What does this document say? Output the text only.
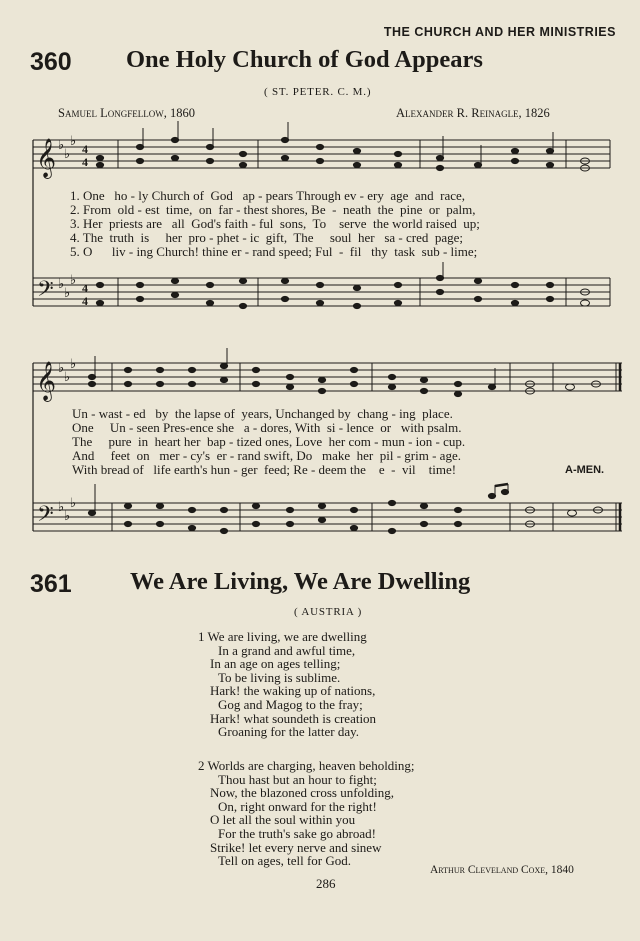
THE CHURCH AND HER MINISTRIES
360 One Holy Church of God Appears
( ST. PETER. C. M.)
Samuel Longfellow, 1860	Alexander R. Reinagle, 1826
𝄞
𝄢
𝄞
𝄢
♭
♭
♭
4
4
♭
♭
♭
4
4
♭
♭
♭
♭
♭
♭
1. One   ho - ly Church of  God   ap - pears Through ev - ery  age  and  race,
2. From  old - est  time,  on  far - thest shores, Be  -  neath  the  pine  or  palm,
3. Her  priests are   all  God's faith - ful  sons,  To    serve  the world raised  up;
4. The  truth  is     her  pro - phet - ic  gift,  The     soul  her   sa - cred  page;
5. O      liv - ing Church! thine er - rand speed; Ful  -  fil   thy  task  sub - lime;
Un - wast - ed   by  the lapse of  years, Unchanged by  chang - ing  place.
One     Un - seen Pres-ence she   a - dores, With  si - lence  or   with psalm.
The     pure  in  heart her  bap - tized ones, Love  her com - mun - ion - cup.
And     feet  on   mer - cy's  er - rand swift, Do   make  her  pil - grim - age.
With bread of   life earth's hun - ger  feed; Re - deem the    e  -  vil    time!	A-MEN.
361 We Are Living, We Are Dwelling
( AUSTRIA )
1 We are living, we are dwelling
In a grand and awful time,
In an age on ages telling;
To be living is sublime.
Hark! the waking up of nations,
Gog and Magog to the fray;
Hark! what soundeth is creation
Groaning for the latter day.
2 Worlds are charging, heaven beholding;
Thou hast but an hour to fight;
Now, the blazoned cross unfolding,
On, right onward for the right!
O let all the soul within you
For the truth's sake go abroad!
Strike! let every nerve and sinew
Tell on ages, tell for God.
Arthur Cleveland Coxe, 1840
286
